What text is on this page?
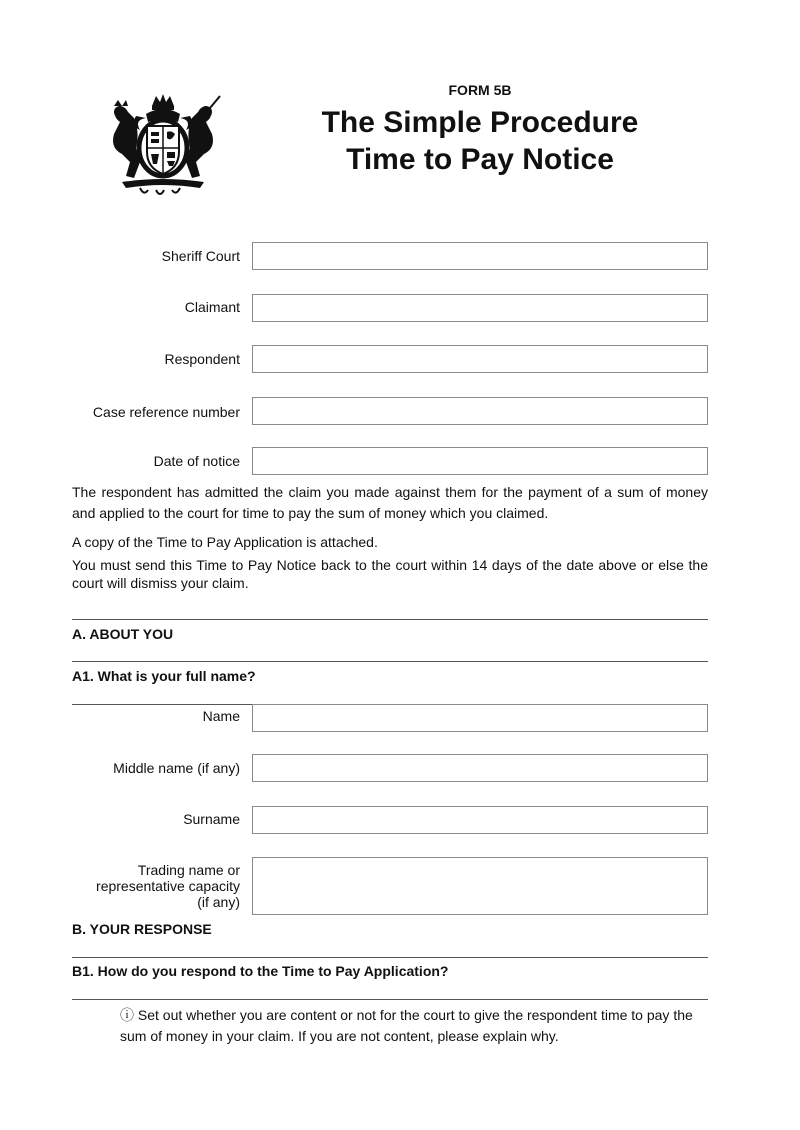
FORM 5B
The Simple Procedure
Time to Pay Notice
Sheriff Court
Claimant
Respondent
Case reference number
Date of notice
The respondent has admitted the claim you made against them for the payment of a sum of money and applied to the court for time to pay the sum of money which you claimed.
A copy of the Time to Pay Application is attached.
You must send this Time to Pay Notice back to the court within 14 days of the date above or else the court will dismiss your claim.
A. ABOUT YOU
A1. What is your full name?
Name
Middle name (if any)
Surname
Trading name or
representative capacity
(if any)
B. YOUR RESPONSE
B1. How do you respond to the Time to Pay Application?
ⓘ Set out whether you are content or not for the court to give the respondent time to pay the sum of money in your claim. If you are not content, please explain why.
